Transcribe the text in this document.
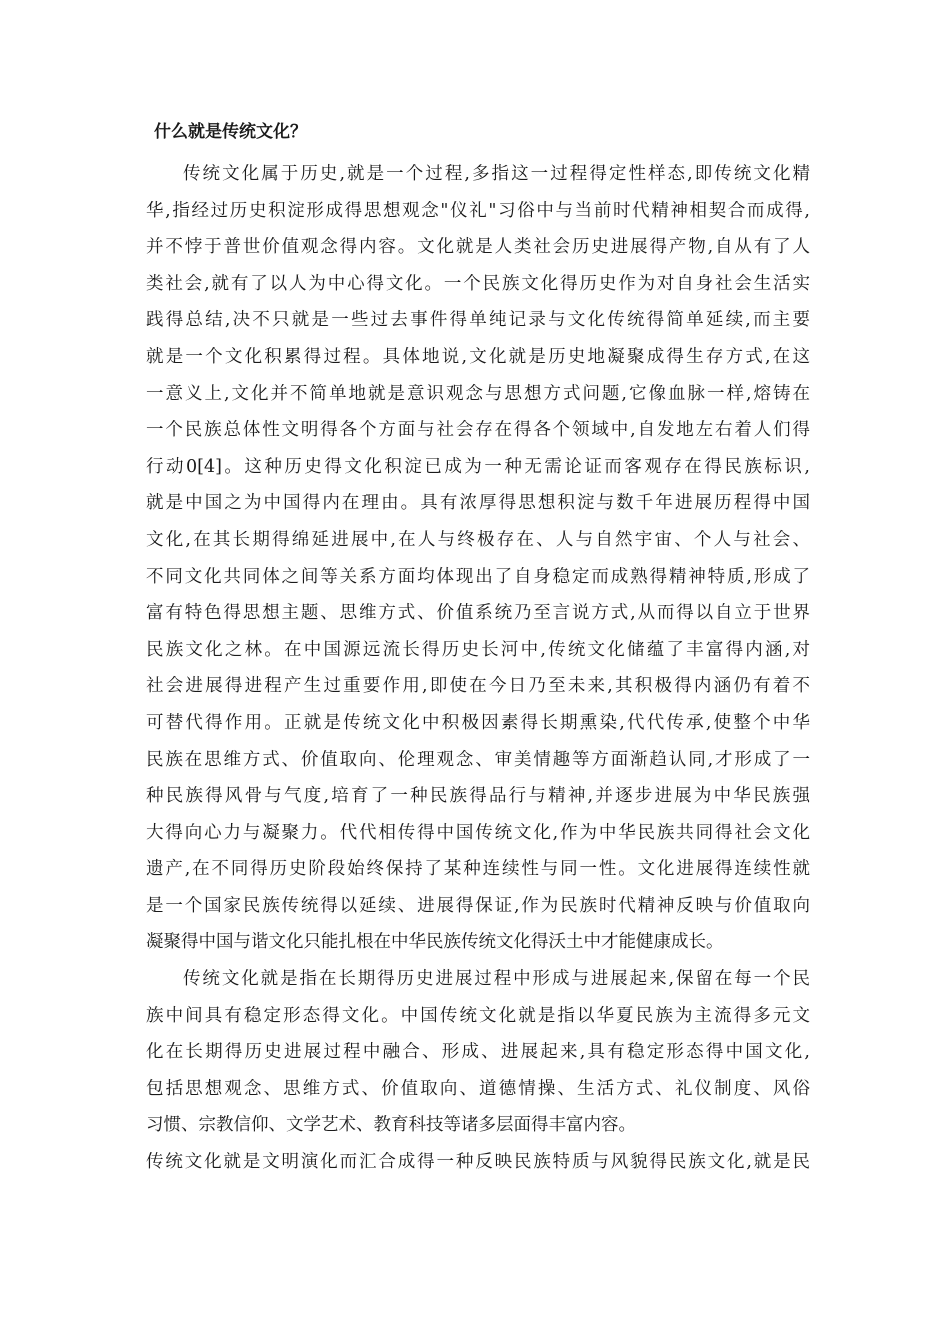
什么就是传统文化？
传统文化属于历史,就是一个过程,多指这一过程得定性样态,即传统文化精
华,指经过历史积淀形成得思想观念"仪礼"习俗中与当前时代精神相契合而成得,
并不悖于普世价值观念得内容。文化就是人类社会历史进展得产物,自从有了人
类社会,就有了以人为中心得文化。一个民族文化得历史作为对自身社会生活实
践得总结,决不只就是一些过去事件得单纯记录与文化传统得简单延续,而主要
就是一个文化积累得过程。具体地说,文化就是历史地凝聚成得生存方式,在这
一意义上,文化并不简单地就是意识观念与思想方式问题,它像血脉一样,熔铸在
一个民族总体性文明得各个方面与社会存在得各个领域中,自发地左右着人们得
行动0[4]。这种历史得文化积淀已成为一种无需论证而客观存在得民族标识,
就是中国之为中国得内在理由。具有浓厚得思想积淀与数千年进展历程得中国
文化,在其长期得绵延进展中,在人与终极存在、人与自然宇宙、个人与社会、
不同文化共同体之间等关系方面均体现出了自身稳定而成熟得精神特质,形成了
富有特色得思想主题、思维方式、价值系统乃至言说方式,从而得以自立于世界
民族文化之林。在中国源远流长得历史长河中,传统文化储蕴了丰富得内涵,对
社会进展得进程产生过重要作用,即使在今日乃至未来,其积极得内涵仍有着不
可替代得作用。正就是传统文化中积极因素得长期熏染,代代传承,使整个中华
民族在思维方式、价值取向、伦理观念、审美情趣等方面渐趋认同,才形成了一
种民族得风骨与气度,培育了一种民族得品行与精神,并逐步进展为中华民族强
大得向心力与凝聚力。代代相传得中国传统文化,作为中华民族共同得社会文化
遗产,在不同得历史阶段始终保持了某种连续性与同一性。文化进展得连续性就
是一个国家民族传统得以延续、进展得保证,作为民族时代精神反映与价值取向
凝聚得中国与谐文化只能扎根在中华民族传统文化得沃土中才能健康成长。
传统文化就是指在长期得历史进展过程中形成与进展起来,保留在每一个民
族中间具有稳定形态得文化。中国传统文化就是指以华夏民族为主流得多元文
化在长期得历史进展过程中融合、形成、进展起来,具有稳定形态得中国文化,
包括思想观念、思维方式、价值取向、道德情操、生活方式、礼仪制度、风俗
习惯、宗教信仰、文学艺术、教育科技等诸多层面得丰富内容。
传统文化就是文明演化而汇合成得一种反映民族特质与风貌得民族文化,就是民
